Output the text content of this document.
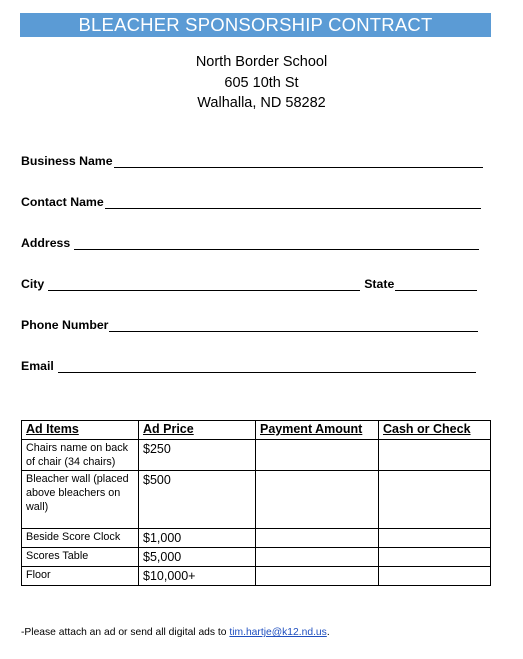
BLEACHER SPONSORSHIP CONTRACT
North Border School
605 10th St
Walhalla, ND 58282
Business Name
Contact Name
Address
City	State
Phone Number
Email
Ad Items	Ad Price	Payment Amount	Cash or Check
Chairs name on back of chair (34 chairs)	$250		
Bleacher wall (placed above bleachers on wall)	$500		
Beside Score Clock	$1,000		
Scores Table	$5,000		
Floor	$10,000+		
-Please attach an ad or send all digital ads to tim.hartje@k12.nd.us.
